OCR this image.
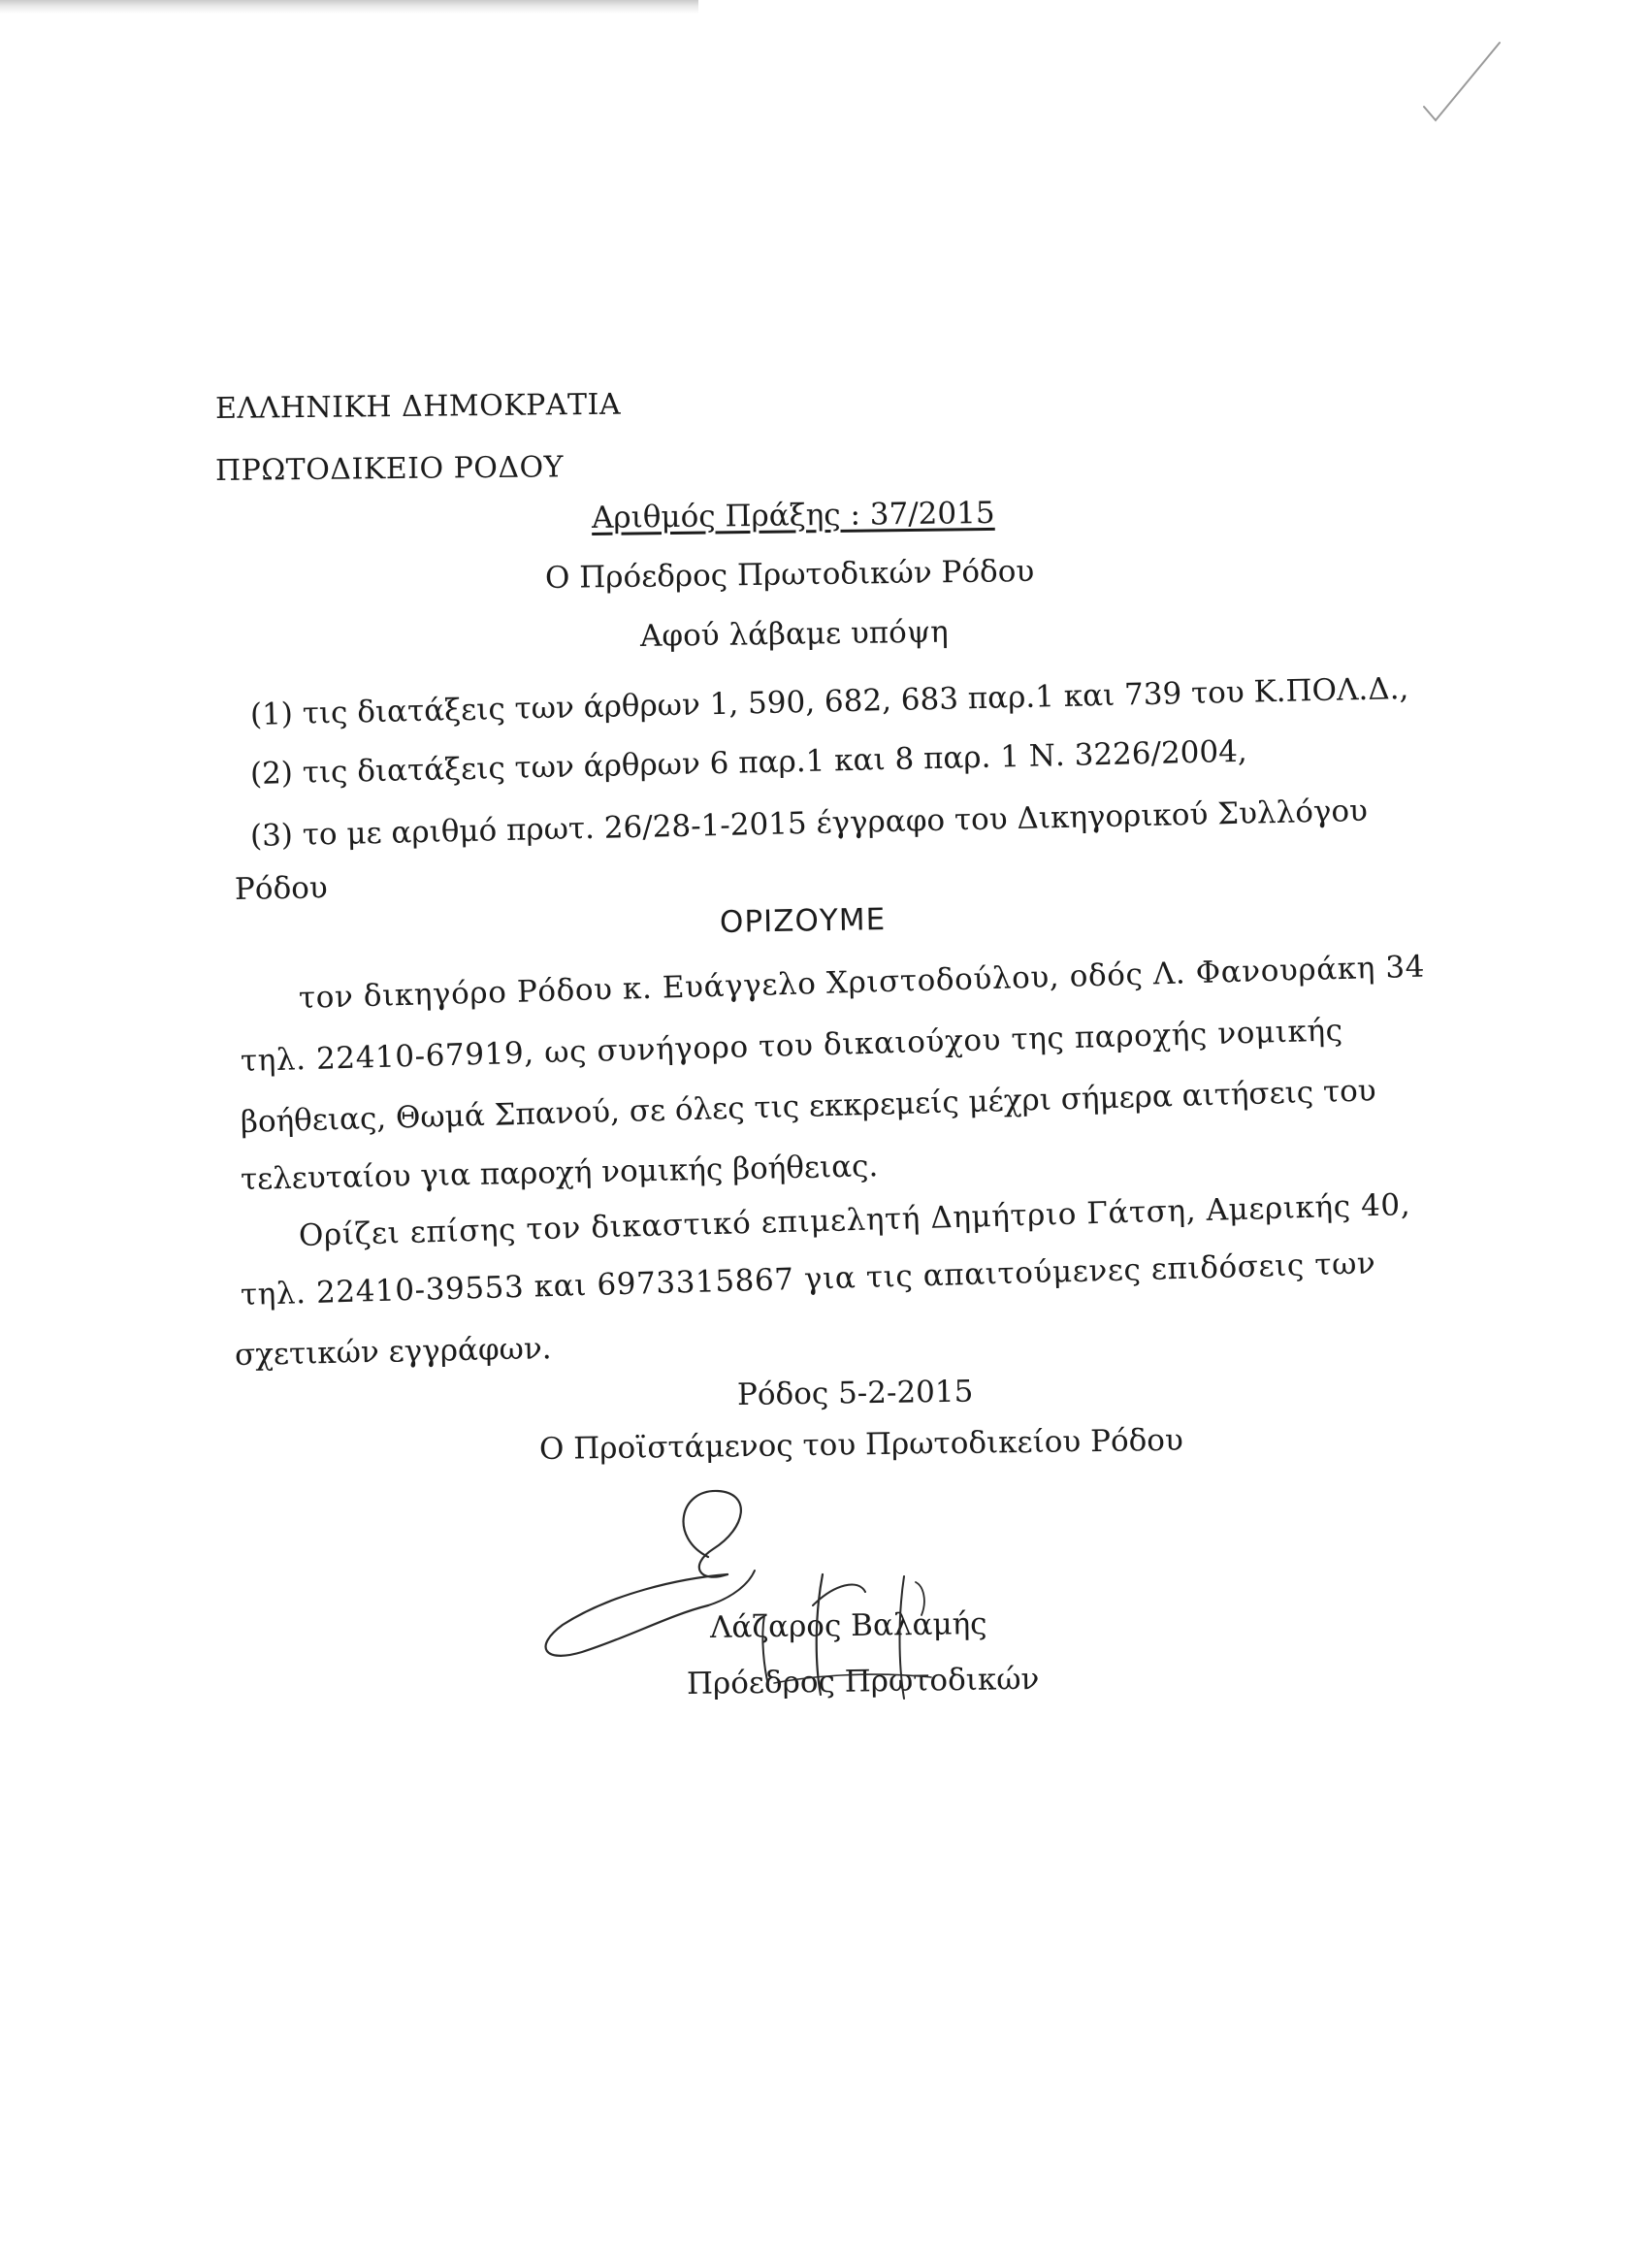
ΕΛΛΗΝΙΚΗ ΔΗΜΟΚΡΑΤΙΑ
ΠΡΩΤΟΔΙΚΕΙΟ ΡΟΔΟΥ
Αριθμός Πράξης : 37/2015
Ο Πρόεδρος Πρωτοδικών Ρόδου
Αφού λάβαμε υπόψη
(1) τις διατάξεις των άρθρων 1, 590, 682, 683 παρ.1 και 739 του Κ.ΠΟΛ.Δ.,
(2) τις διατάξεις των άρθρων 6 παρ.1 και 8 παρ. 1 Ν. 3226/2004,
(3) το με αριθμό πρωτ. 26/28-1-2015 έγγραφο του Δικηγορικού Συλλόγου
Ρόδου
ΟΡΙΖΟΥΜΕ
τον δικηγόρο Ρόδου κ. Ευάγγελο Χριστοδούλου, οδός Λ. Φανουράκη 34
τηλ. 22410-67919, ως συνήγορο του δικαιούχου της παροχής νομικής
βοήθειας, Θωμά Σπανού, σε όλες τις εκκρεμείς μέχρι σήμερα αιτήσεις του
τελευταίου για παροχή νομικής βοήθειας.
Ορίζει επίσης τον δικαστικό επιμελητή Δημήτριο Γάτση, Αμερικής 40,
τηλ. 22410-39553 και 6973315867 για τις απαιτούμενες επιδόσεις των
σχετικών εγγράφων.
Ρόδος 5-2-2015
Ο Προϊστάμενος του Πρωτοδικείου Ρόδου
Λάζαρος Βαλαμής
Πρόεδρος Πρωτοδικών
